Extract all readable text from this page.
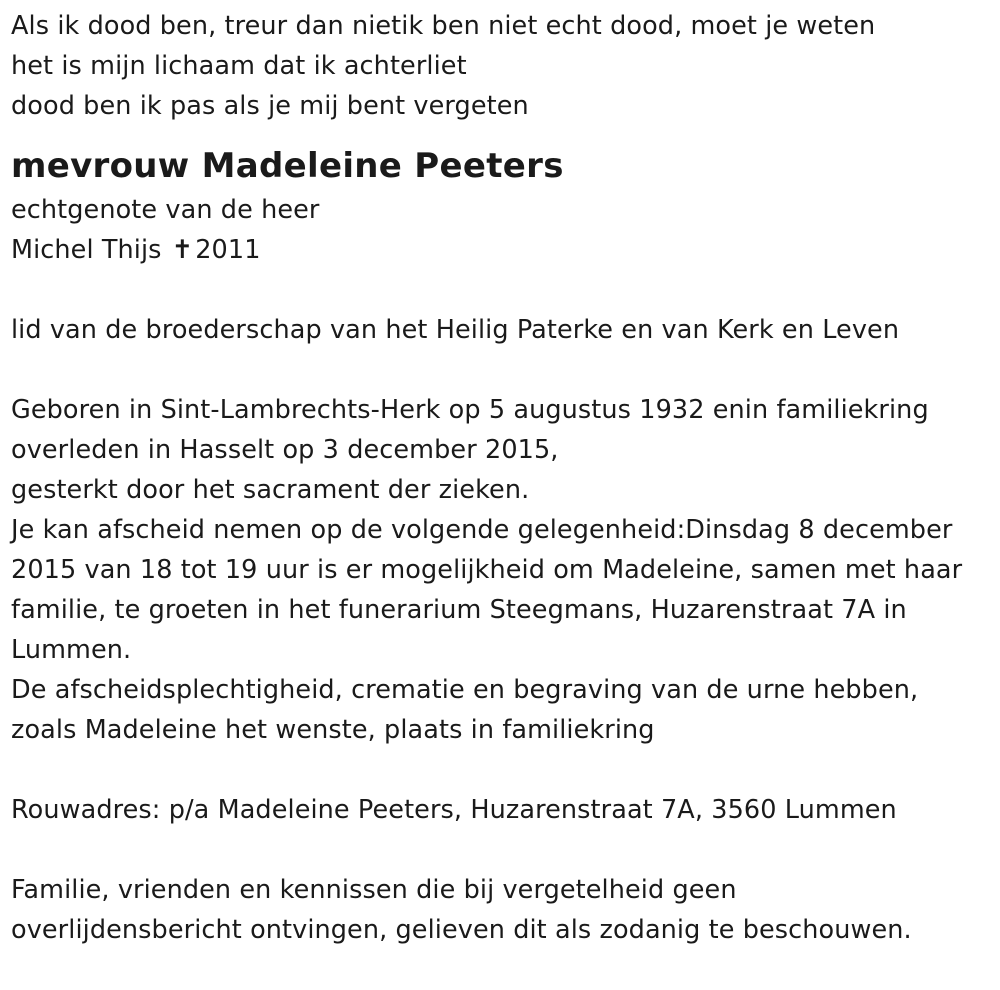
Als ik dood ben, treur dan nietik ben niet echt dood, moet je weten
het is mijn lichaam dat ik achterliet
dood ben ik pas als je mij bent vergeten
mevrouw Madeleine Peeters
echtgenote van de heer
Michel Thijs ✝2011
lid van de broederschap van het Heilig Paterke en van Kerk en Leven
Geboren in Sint-Lambrechts-Herk op 5 augustus 1932 enin familiekring
overleden in Hasselt op 3 december 2015,
gesterkt door het sacrament der zieken.
Je kan afscheid nemen op de volgende gelegenheid:Dinsdag 8 december
2015 van 18 tot 19 uur is er mogelijkheid om Madeleine, samen met haar
familie, te groeten in het funerarium Steegmans, Huzarenstraat 7A in
Lummen.
De afscheidsplechtigheid, crematie en begraving van de urne hebben,
zoals Madeleine het wenste, plaats in familiekring
Rouwadres: p/a Madeleine Peeters, Huzarenstraat 7A, 3560 Lummen
Familie, vrienden en kennissen die bij vergetelheid geen
overlijdensbericht ontvingen, gelieven dit als zodanig te beschouwen.
